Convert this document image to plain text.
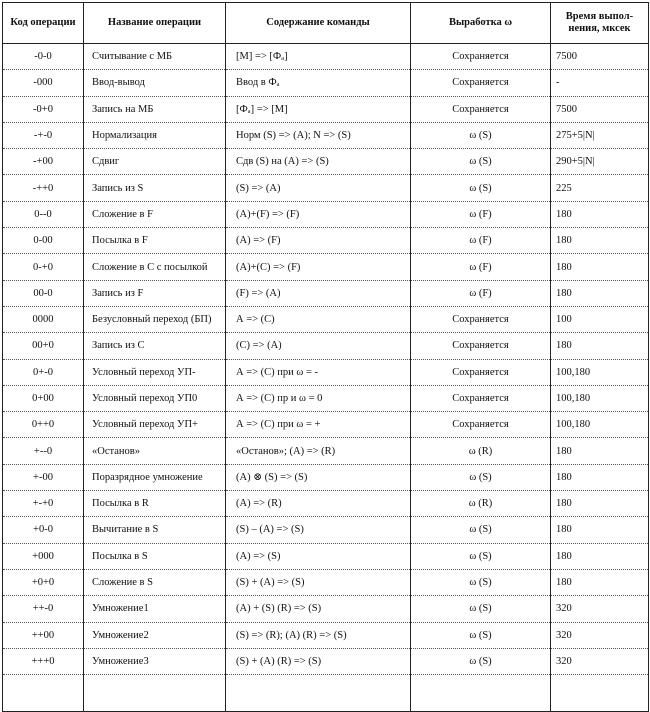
Код операции	Название операции	Содержание команды	Выработка ω	Время выпол-нения, мксек
-0-0	Считывание с МБ	[М] => [Фₐ]	Сохраняется	7500
-000	Ввод-вывод	Ввод в Фₐ	Сохраняется	-
-0+0	Запись на МБ	[Фₐ] => [М]	Сохраняется	7500
-+-0	Нормализация	Норм (S) => (А); N => (S)	ω (S)	275+5|N|
-+00	Сдвиг	Сдв (S) на (А) => (S)	ω (S)	290+5|N|
-++0	Запись из S	(S) => (А)	ω (S)	225
0--0	Сложение в F	(А)+(F) => (F)	ω (F)	180
0-00	Посылка в F	(А) => (F)	ω (F)	180
0-+0	Сложение в С с посылкой	(А)+(С) => (F)	ω (F)	180
00-0	Запись из F	(F) => (А)	ω (F)	180
0000	Безусловный переход (БП)	А => (С)	Сохраняется	100
00+0	Запись из С	(С) => (А)	Сохраняется	180
0+-0	Условный переход УП-	А => (С) при ω = -	Сохраняется	100,180
0+00	Условный переход УП0	А => (С) пр и ω = 0	Сохраняется	100,180
0++0	Условный переход УП+	А => (С) при ω = +	Сохраняется	100,180
+--0	«Останов»	«Останов»; (А) => (R)	ω (R)	180
+-00	Поразрядное умножение	(А) ⊗ (S) => (S)	ω (S)	180
+-+0	Посылка в R	(А) => (R)	ω (R)	180
+0-0	Вычитание в S	(S) – (А) => (S)	ω (S)	180
+000	Посылка в S	(А) => (S)	ω (S)	180
+0+0	Сложение в S	(S) + (А) => (S)	ω (S)	180
++-0	Умножение1	(А) + (S) (R) => (S)	ω (S)	320
++00	Умножение2	(S) => (R); (А) (R) => (S)	ω (S)	320
+++0	Умножение3	(S) + (А) (R) => (S)	ω (S)	320
